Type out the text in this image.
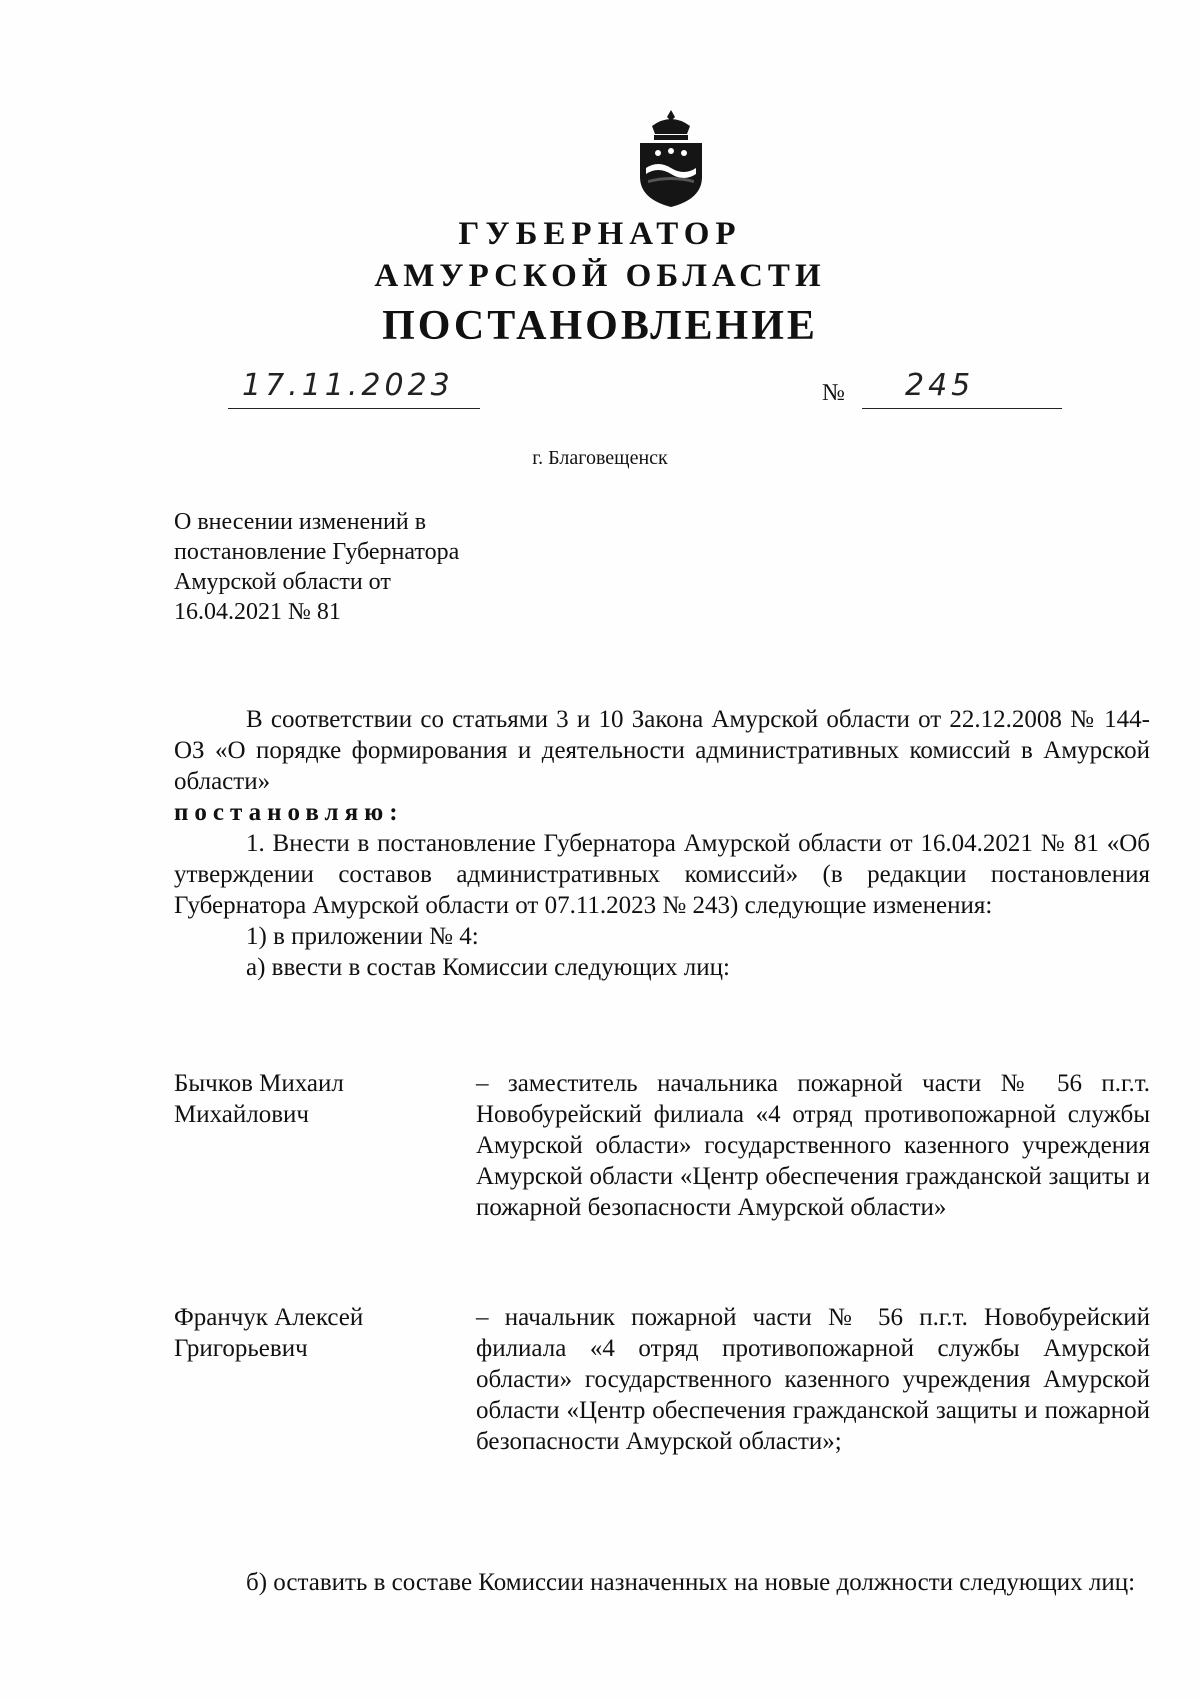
ГУБЕРНАТОР
АМУРСКОЙ ОБЛАСТИ
ПОСТАНОВЛЕНИЕ
17.11.2023	№ 245
г. Благовещенск
О внесении изменений в
постановление Губернатора
Амурской области от
16.04.2021 № 81

В соответствии со статьями 3 и 10 Закона Амурской области от 22.12.2008 № 144-ОЗ «О порядке формирования и деятельности административных комиссий в Амурской области»

постановляю:

1. Внести в постановление Губернатора Амурской области от 16.04.2021 № 81 «Об утверждении составов административных комиссий» (в редакции постановления Губернатора Амурской области от 07.11.2023 № 243) следующие изменения:

1) в приложении № 4:

а) ввести в состав Комиссии следующих лиц:

Бычков Михаил
Михайлович
– заместитель начальника пожарной части № 56 п.г.т. Новобурейский филиала «4 отряд противопожарной службы Амурской области» государственного казенного учреждения Амурской области «Центр обеспечения гражданской защиты и пожарной безопасности Амурской области»
Франчук Алексей
Григорьевич
– начальник пожарной части № 56 п.г.т. Новобурейский филиала «4 отряд противопожарной службы Амурской области» государственного казенного учреждения Амурской области «Центр обеспечения гражданской защиты и пожарной безопасности Амурской области»;

б) оставить в составе Комиссии назначенных на новые должности следующих лиц:
